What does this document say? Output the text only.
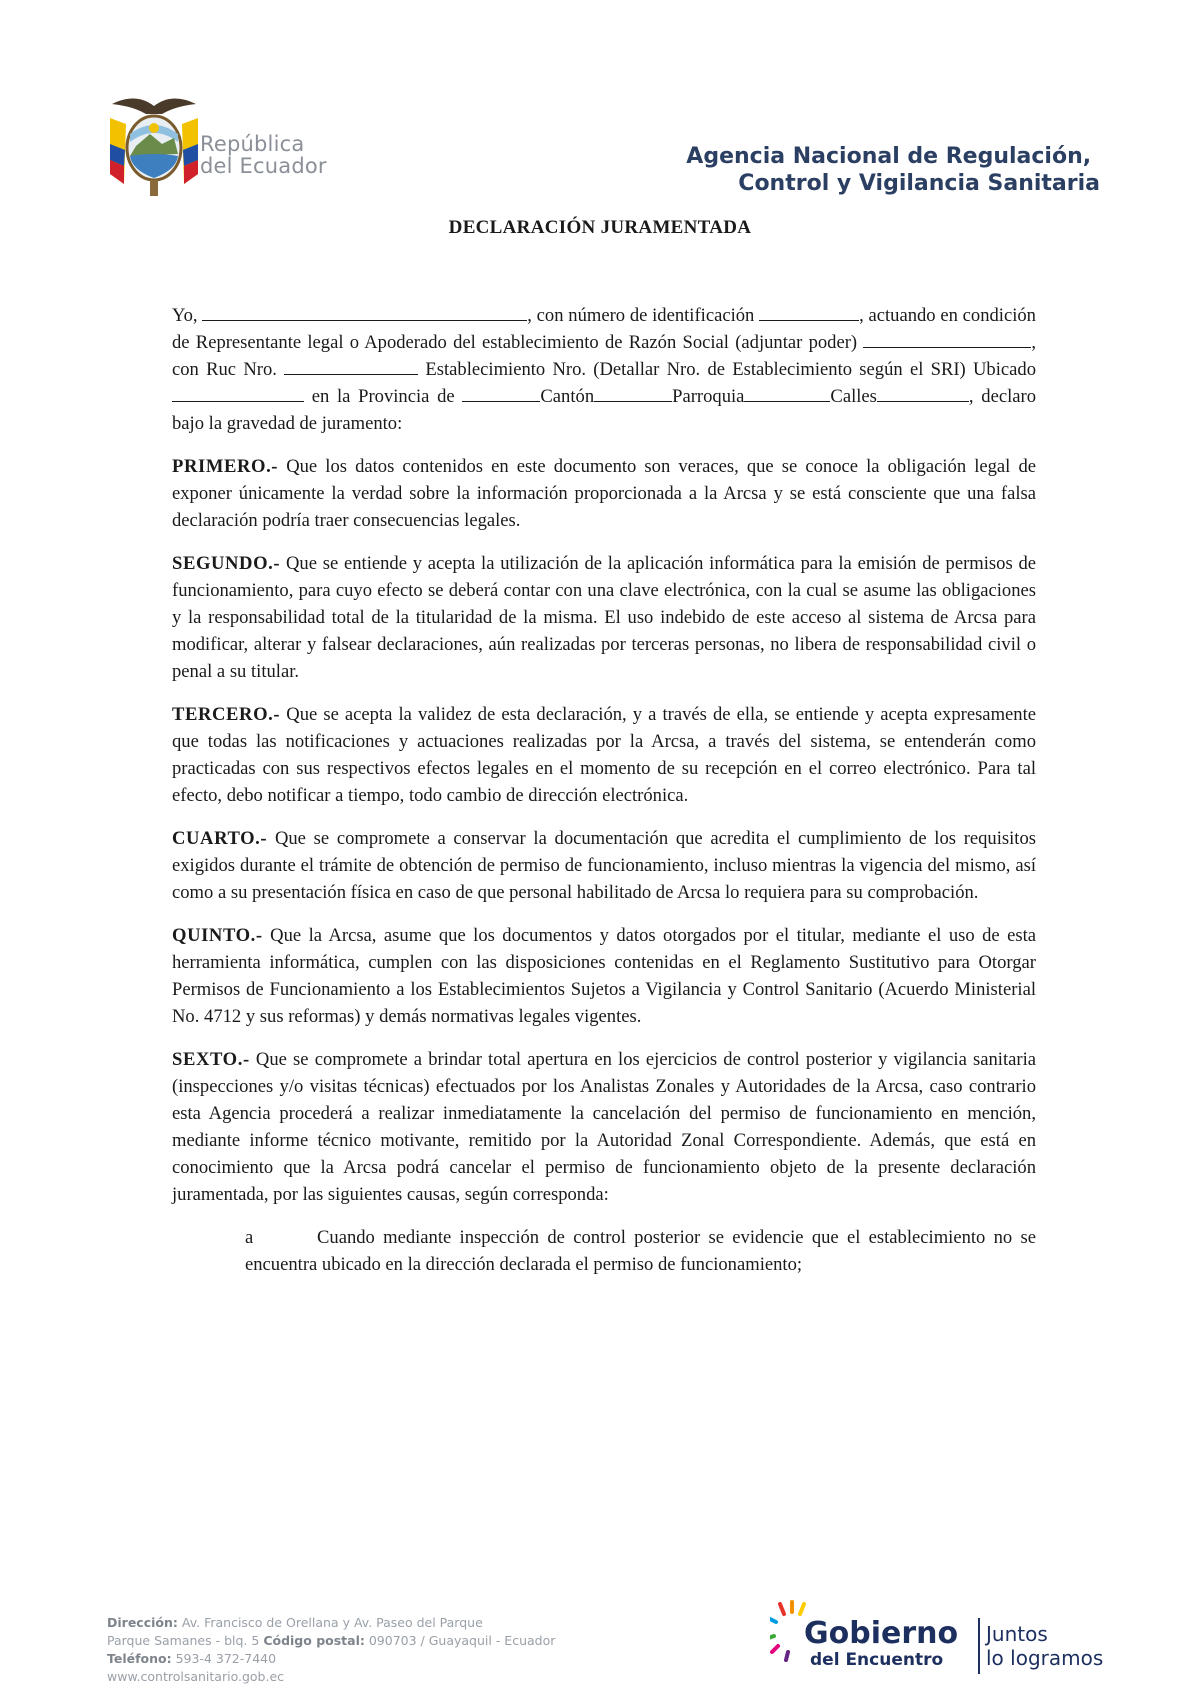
República
del Ecuador	Agencia Nacional de Regulación,
Control y Vigilancia Sanitaria
DECLARACIÓN JURAMENTADA

Yo,	, con número de identificación	, actuando en condición de Representante legal o Apoderado del establecimiento de Razón Social (adjuntar poder)	, con Ruc Nro.	Establecimiento Nro. (Detallar Nro. de Establecimiento según el SRI) Ubicado  en la Provincia de	Cantón	Parroquia	Calles	, declaro bajo la gravedad de juramento:

PRIMERO.- Que los datos contenidos en este documento son veraces, que se conoce la obligación legal de exponer únicamente la verdad sobre la información proporcionada a la Arcsa y se está consciente que una falsa declaración podría traer consecuencias legales.

SEGUNDO.- Que se entiende y acepta la utilización de la aplicación informática para la emisión de permisos de funcionamiento, para cuyo efecto se deberá contar con una clave electrónica, con la cual se asume las obligaciones y la responsabilidad total de la titularidad de la misma. El uso indebido de este acceso al sistema de Arcsa para modificar, alterar y falsear declaraciones, aún realizadas por terceras personas, no libera de responsabilidad civil o penal a su titular.

TERCERO.- Que se acepta la validez de esta declaración, y a través de ella, se entiende y acepta expresamente que todas las notificaciones y actuaciones realizadas por la Arcsa, a través del sistema, se entenderán como practicadas con sus respectivos efectos legales en el momento de su recepción en el correo electrónico. Para tal efecto, debo notificar a tiempo, todo cambio de dirección electrónica.

CUARTO.- Que se compromete a conservar la documentación que acredita el cumplimiento de los requisitos exigidos durante el trámite de obtención de permiso de funcionamiento, incluso mientras la vigencia del mismo, así como a su presentación física en caso de que personal habilitado de Arcsa lo requiera para su comprobación.

QUINTO.- Que la Arcsa, asume que los documentos y datos otorgados por el titular, mediante el uso de esta herramienta informática, cumplen con las disposiciones contenidas en el Reglamento Sustitutivo para Otorgar Permisos de Funcionamiento a los Establecimientos Sujetos a Vigilancia y Control Sanitario (Acuerdo Ministerial No. 4712 y sus reformas) y demás normativas legales vigentes.

SEXTO.- Que se compromete a brindar total apertura en los ejercicios de control posterior y vigilancia sanitaria (inspecciones y/o visitas técnicas) efectuados por los Analistas Zonales y Autoridades de la Arcsa, caso contrario esta Agencia procederá a realizar inmediatamente la cancelación del permiso de funcionamiento en mención, mediante informe técnico motivante, remitido por la Autoridad Zonal Correspondiente. Además, que está en conocimiento que la Arcsa podrá cancelar el permiso de funcionamiento objeto de la presente declaración juramentada, por las siguientes causas, según corresponda:

a	Cuando mediante inspección de control posterior se evidencie que el establecimiento no se encuentra ubicado en la dirección declarada el permiso de funcionamiento;

Dirección: Av. Francisco de Orellana y Av. Paseo del Parque
Parque Samanes - blq. 5 Código postal: 090703 / Guayaquil - Ecuador
Teléfono: 593-4 372-7440
www.controlsanitario.gob.ec
Gobierno
del Encuentro
Juntos
lo logramos
